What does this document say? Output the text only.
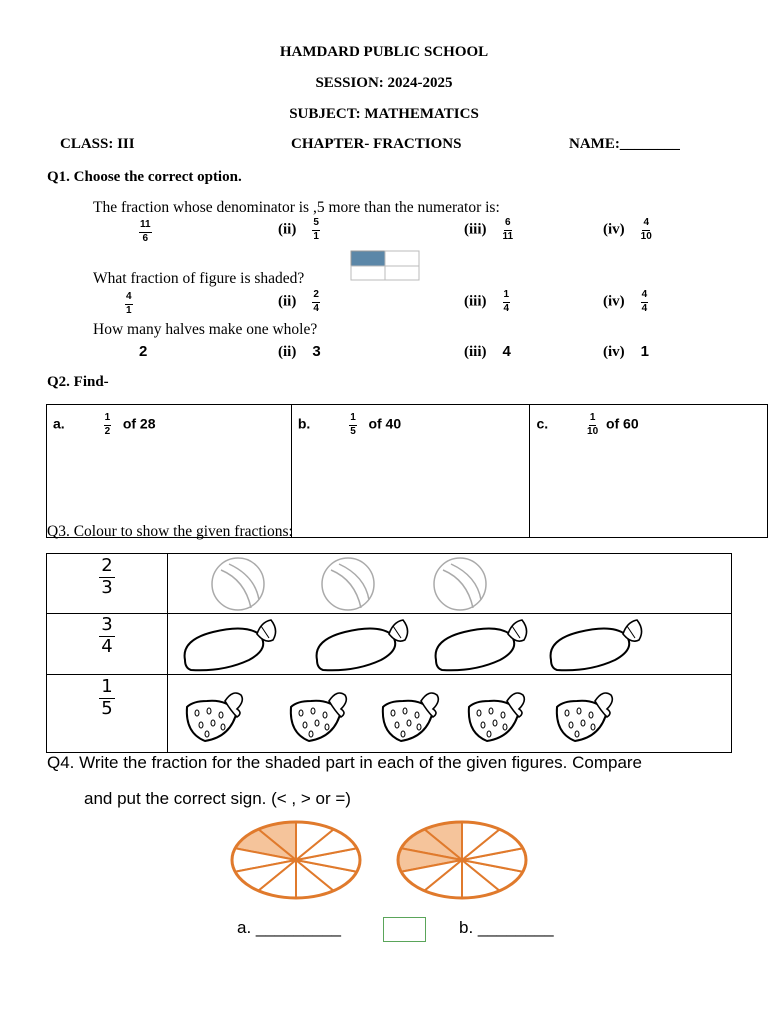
HAMDARD PUBLIC SCHOOL
SESSION: 2024-2025
SUBJECT: MATHEMATICS
CLASS: III	CHAPTER- FRACTIONS	NAME:________
Q1. Choose the correct option.
The fraction whose denominator is ,5 more than the numerator is:
$\frac{11}{6}$	$(ii) \frac{5}{1}$	$(iii) \frac{6}{11}$	$(iv) \frac{4}{10}$
What fraction of figure is shaded?
$\frac{4}{1}$	$(ii) \frac{2}{4}$	$(iii) \frac{1}{4}$	$(iv) \frac{4}{4}$
How many halves make one whole?
2	(ii) 3	(iii) 4	(iv) 1
Q2. Find-
a.	$\frac{1}{2}$ of 28	b.	$\frac{1}{5}$ of 40	c.	$\frac{1}{10}$ of 60
Q3. Colour to show the given fractions:
$\frac{2}{3}$
$\frac{3}{4}$
$\frac{1}{5}$
Q4. Write the fraction for the shaded part in each of the given figures. Compare
and put the correct sign. (< , > or =)
a. _________	b. ________
